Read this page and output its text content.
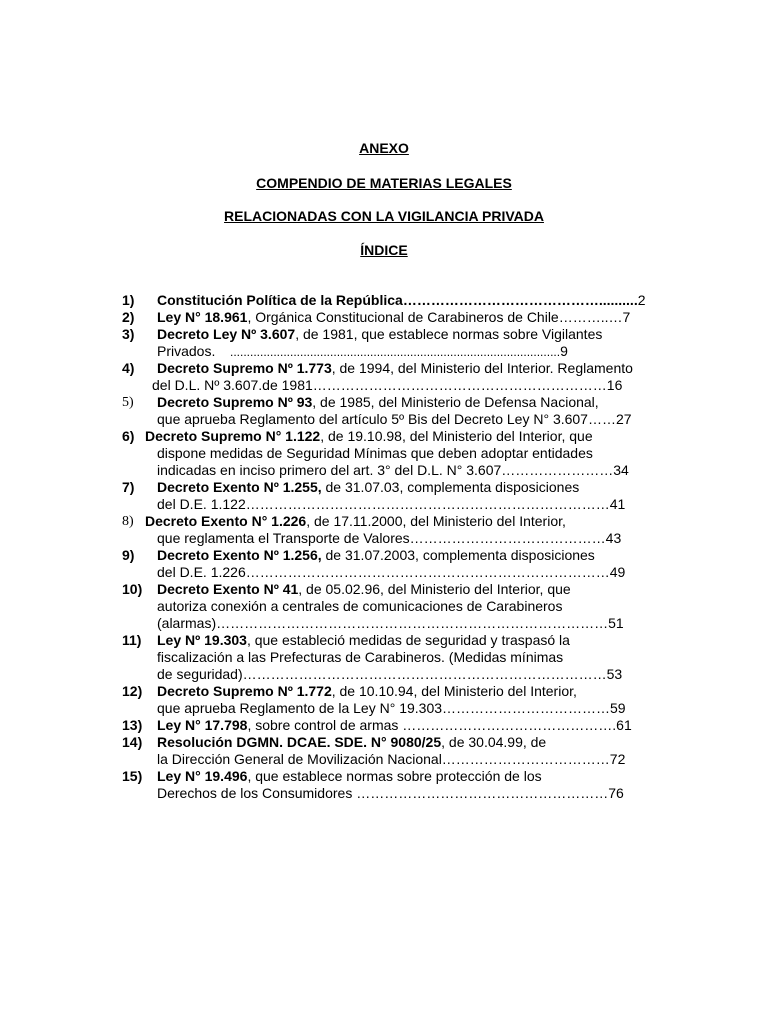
ANEXO
COMPENDIO DE MATERIAS LEGALES
RELACIONADAS CON LA VIGILANCIA PRIVADA
ÍNDICE
1) Constitución Política de la República……………………………………..........2
2) Ley N° 18.961, Orgánica Constitucional de Carabineros de Chile………..…7
3) Decreto Ley Nº 3.607, de 1981, que establece normas sobre Vigilantes
Privados. ...................................................................................................9
4) Decreto Supremo Nº 1.773, de 1994, del Ministerio del Interior. Reglamento
del D.L. Nº 3.607.de 1981………………………………………………………16
5) Decreto Supremo Nº 93, de 1985, del Ministerio de Defensa Nacional,
que aprueba Reglamento del artículo 5º Bis del Decreto Ley N° 3.607……27
6) Decreto Supremo N° 1.122, de 19.10.98, del Ministerio del Interior, que
dispone medidas de Seguridad Mínimas que deben adoptar entidades
indicadas en inciso primero del art. 3° del D.L. N° 3.607……………………34
7) Decreto Exento Nº 1.255, de 31.07.03, complementa disposiciones
del D.E. 1.122……………………………………………………………………41
8) Decreto Exento N° 1.226, de 17.11.2000, del Ministerio del Interior,
que reglamenta el Transporte de Valores……………………………………43
9) Decreto Exento Nº 1.256, de 31.07.2003, complementa disposiciones
del D.E. 1.226……………………………………………………………………49
10) Decreto Exento Nº 41, de 05.02.96, del Ministerio del Interior, que
autoriza conexión a centrales de comunicaciones de Carabineros
(alarmas)…………………………………………………………………………51
11) Ley Nº 19.303, que estableció medidas de seguridad y traspasó la
fiscalización a las Prefecturas de Carabineros. (Medidas mínimas
de seguridad)……………………………………………………………………53
12) Decreto Supremo Nº 1.772, de 10.10.94, del Ministerio del Interior,
que aprueba Reglamento de la Ley N° 19.303………………………………59
13) Ley N° 17.798, sobre control de armas ……………………………………….61
14) Resolución DGMN. DCAE. SDE. N° 9080/25, de 30.04.99, de
la Dirección General de Movilización Nacional………………………………72
15) Ley N° 19.496, que establece normas sobre protección de los
Derechos de los Consumidores ………………………………………………76
